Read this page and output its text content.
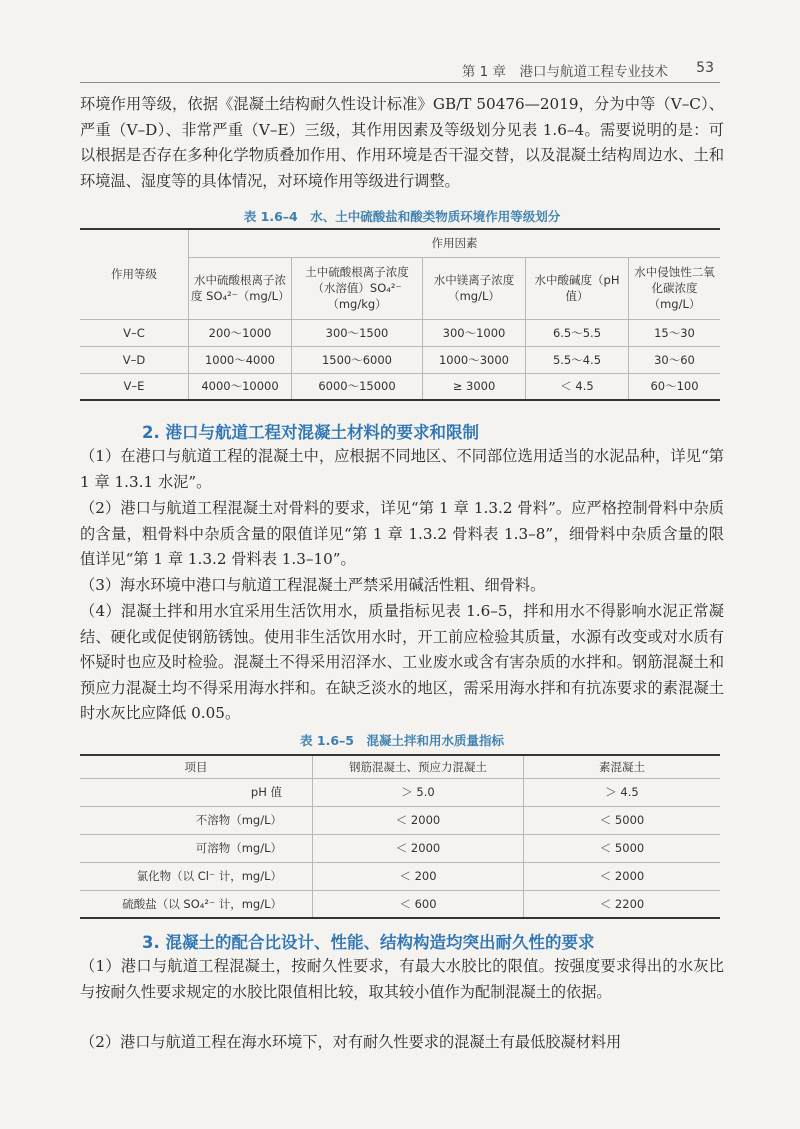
第 1 章　港口与航道工程专业技术 53

环境作用等级，依据《混凝土结构耐久性设计标准》GB/T 50476—2019，分为中等（V–C）、严重（V–D）、非常严重（V–E）三级，其作用因素及等级划分见表 1.6–4。需要说明的是：可以根据是否存在多种化学物质叠加作用、作用环境是否干湿交替，以及混凝土结构周边水、土和环境温、湿度等的具体情况，对环境作用等级进行调整。

表 1.6–4　水、土中硫酸盐和酸类物质环境作用等级划分
作用等级	作用因素				
	水中硫酸根离子浓度 SO₄²⁻（mg/L）	土中硫酸根离子浓度（水溶值）SO₄²⁻（mg/kg）	水中镁离子浓度（mg/L）	水中酸碱度（pH 值）	水中侵蚀性二氧化碳浓度（mg/L）
V–C	200～1000	300～1500	300～1000	6.5～5.5	15～30
V–D	1000～4000	1500～6000	1000～3000	5.5～4.5	30～60
V–E	4000～10000	6000～15000	≥ 3000	＜ 4.5	60～100
2. 港口与航道工程对混凝土材料的要求和限制

（1）在港口与航道工程的混凝土中，应根据不同地区、不同部位选用适当的水泥品种，详见“第 1 章 1.3.1 水泥”。

（2）港口与航道工程混凝土对骨料的要求，详见“第 1 章 1.3.2 骨料”。应严格控制骨料中杂质的含量，粗骨料中杂质含量的限值详见“第 1 章 1.3.2 骨料表 1.3–8”，细骨料中杂质含量的限值详见“第 1 章 1.3.2 骨料表 1.3–10”。

（3）海水环境中港口与航道工程混凝土严禁采用碱活性粗、细骨料。

（4）混凝土拌和用水宜采用生活饮用水，质量指标见表 1.6–5，拌和用水不得影响水泥正常凝结、硬化或促使钢筋锈蚀。使用非生活饮用水时，开工前应检验其质量，水源有改变或对水质有怀疑时也应及时检验。混凝土不得采用沼泽水、工业废水或含有害杂质的水拌和。钢筋混凝土和预应力混凝土均不得采用海水拌和。在缺乏淡水的地区，需采用海水拌和有抗冻要求的素混凝土时水灰比应降低 0.05。

表 1.6–5　混凝土拌和用水质量指标
项目	钢筋混凝土、预应力混凝土	素混凝土
pH 值	＞ 5.0	＞ 4.5
不溶物（mg/L）	＜ 2000	＜ 5000
可溶物（mg/L）	＜ 2000	＜ 5000
氯化物（以 Cl⁻ 计，mg/L）	＜ 200	＜ 2000
硫酸盐（以 SO₄²⁻ 计，mg/L）	＜ 600	＜ 2200
3. 混凝土的配合比设计、性能、结构构造均突出耐久性的要求

（1）港口与航道工程混凝土，按耐久性要求，有最大水胶比的限值。按强度要求得出的水灰比与按耐久性要求规定的水胶比限值相比较，取其较小值作为配制混凝土的依据。

（2）港口与航道工程在海水环境下，对有耐久性要求的混凝土有最低胶凝材料用
